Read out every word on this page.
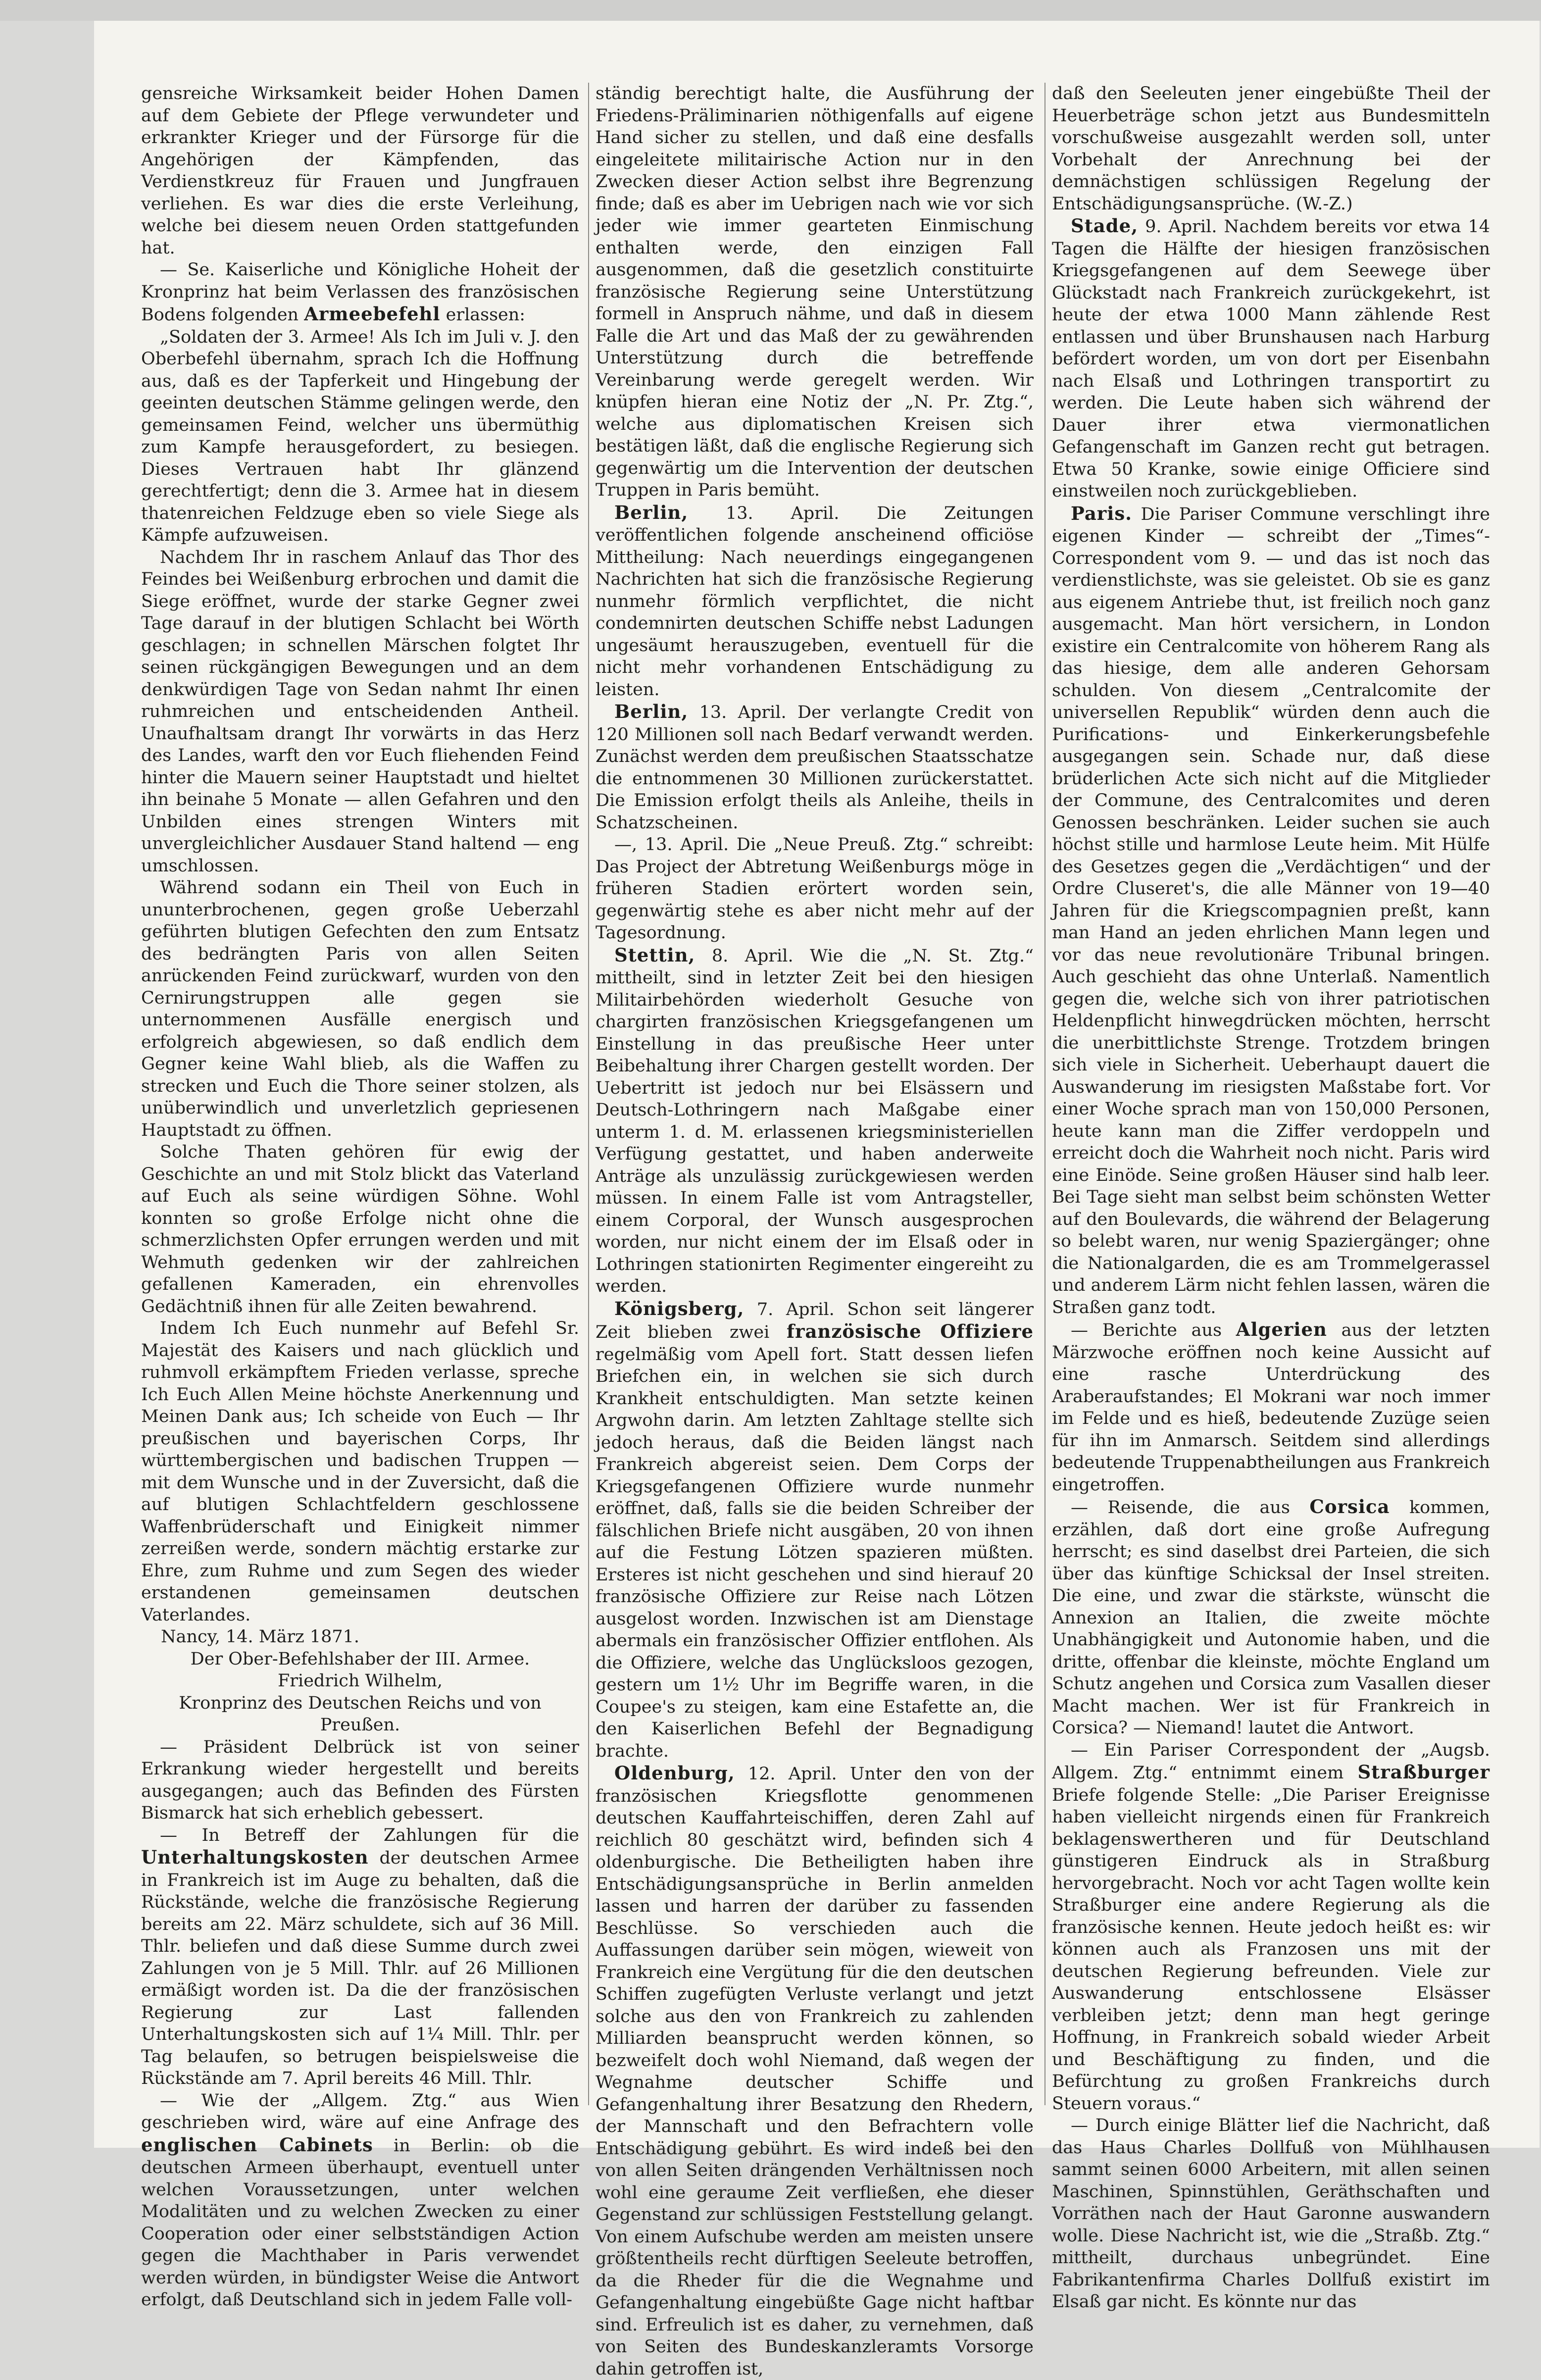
gensreiche Wirksamkeit beider Hohen Damen auf dem Gebiete der Pflege verwundeter und erkrankter Krieger und der Fürsorge für die Angehörigen der Kämpfenden, das Verdienstkreuz für Frauen und Jungfrauen verliehen. Es war dies die erste Verleihung, welche bei diesem neuen Orden stattgefunden hat.

— Se. Kaiserliche und Königliche Hoheit der Kronprinz hat beim Verlassen des französischen Bodens folgenden Armeebefehl erlassen:

„Soldaten der 3. Armee! Als Ich im Juli v. J. den Oberbefehl übernahm, sprach Ich die Hoffnung aus, daß es der Tapferkeit und Hingebung der geeinten deutschen Stämme gelingen werde, den gemeinsamen Feind, welcher uns übermüthig zum Kampfe herausgefordert, zu besiegen. Dieses Vertrauen habt Ihr glänzend gerechtfertigt; denn die 3. Armee hat in diesem thatenreichen Feldzuge eben so viele Siege als Kämpfe aufzuweisen.

Nachdem Ihr in raschem Anlauf das Thor des Feindes bei Weißenburg erbrochen und damit die Siege eröffnet, wurde der starke Gegner zwei Tage darauf in der blutigen Schlacht bei Wörth geschlagen; in schnellen Märschen folgtet Ihr seinen rückgängigen Bewegungen und an dem denkwürdigen Tage von Sedan nahmt Ihr einen ruhmreichen und entscheidenden Antheil. Unaufhaltsam drangt Ihr vorwärts in das Herz des Landes, warft den vor Euch fliehenden Feind hinter die Mauern seiner Hauptstadt und hieltet ihn beinahe 5 Monate — allen Gefahren und den Unbilden eines strengen Winters mit unvergleichlicher Ausdauer Stand haltend — eng umschlossen.

Während sodann ein Theil von Euch in ununterbrochenen, gegen große Ueberzahl geführten blutigen Gefechten den zum Entsatz des bedrängten Paris von allen Seiten anrückenden Feind zurückwarf, wurden von den Cernirungstruppen alle gegen sie unternommenen Ausfälle energisch und erfolgreich abgewiesen, so daß endlich dem Gegner keine Wahl blieb, als die Waffen zu strecken und Euch die Thore seiner stolzen, als unüberwindlich und unverletzlich gepriesenen Hauptstadt zu öffnen.

Solche Thaten gehören für ewig der Geschichte an und mit Stolz blickt das Vaterland auf Euch als seine würdigen Söhne. Wohl konnten so große Erfolge nicht ohne die schmerzlichsten Opfer errungen werden und mit Wehmuth gedenken wir der zahlreichen gefallenen Kameraden, ein ehrenvolles Gedächtniß ihnen für alle Zeiten bewahrend.

Indem Ich Euch nunmehr auf Befehl Sr. Majestät des Kaisers und nach glücklich und ruhmvoll erkämpftem Frieden verlasse, spreche Ich Euch Allen Meine höchste Anerkennung und Meinen Dank aus; Ich scheide von Euch — Ihr preußischen und bayerischen Corps, Ihr württembergischen und badischen Truppen — mit dem Wunsche und in der Zuversicht, daß die auf blutigen Schlachtfeldern geschlossene Waffenbrüderschaft und Einigkeit nimmer zerreißen werde, sondern mächtig erstarke zur Ehre, zum Ruhme und zum Segen des wieder erstandenen gemeinsamen deutschen Vaterlandes.

Nancy, 14. März 1871.

Der Ober-Befehlshaber der III. Armee.

Friedrich Wilhelm,

Kronprinz des Deutschen Reichs und von Preußen.

— Präsident Delbrück ist von seiner Erkrankung wieder hergestellt und bereits ausgegangen; auch das Befinden des Fürsten Bismarck hat sich erheblich gebessert.

— In Betreff der Zahlungen für die Unterhaltungskosten der deutschen Armee in Frankreich ist im Auge zu behalten, daß die Rückstände, welche die französische Regierung bereits am 22. März schuldete, sich auf 36 Mill. Thlr. beliefen und daß diese Summe durch zwei Zahlungen von je 5 Mill. Thlr. auf 26 Millionen ermäßigt worden ist. Da die der französischen Regierung zur Last fallenden Unterhaltungskosten sich auf 1¼ Mill. Thlr. per Tag belaufen, so betrugen beispielsweise die Rückstände am 7. April bereits 46 Mill. Thlr.

— Wie der „Allgem. Ztg.“ aus Wien geschrieben wird, wäre auf eine Anfrage des englischen Cabinets in Berlin: ob die deutschen Armeen überhaupt, eventuell unter welchen Voraussetzungen, unter welchen Modalitäten und zu welchen Zwecken zu einer Cooperation oder einer selbstständigen Action gegen die Machthaber in Paris verwendet werden würden, in bündigster Weise die Antwort erfolgt, daß Deutschland sich in jedem Falle voll-

ständig berechtigt halte, die Ausführung der Friedens-Präliminarien nöthigenfalls auf eigene Hand sicher zu stellen, und daß eine desfalls eingeleitete militairische Action nur in den Zwecken dieser Action selbst ihre Begrenzung finde; daß es aber im Uebrigen nach wie vor sich jeder wie immer gearteten Einmischung enthalten werde, den einzigen Fall ausgenommen, daß die gesetzlich constituirte französische Regierung seine Unterstützung formell in Anspruch nähme, und daß in diesem Falle die Art und das Maß der zu gewährenden Unterstützung durch die betreffende Vereinbarung werde geregelt werden. Wir knüpfen hieran eine Notiz der „N. Pr. Ztg.“, welche aus diplomatischen Kreisen sich bestätigen läßt, daß die englische Regierung sich gegenwärtig um die Intervention der deutschen Truppen in Paris bemüht.

Berlin, 13. April. Die Zeitungen veröffentlichen folgende anscheinend officiöse Mittheilung: Nach neuerdings eingegangenen Nachrichten hat sich die französische Regierung nunmehr förmlich verpflichtet, die nicht condemnirten deutschen Schiffe nebst Ladungen ungesäumt herauszugeben, eventuell für die nicht mehr vorhandenen Entschädigung zu leisten.

Berlin, 13. April. Der verlangte Credit von 120 Millionen soll nach Bedarf verwandt werden. Zunächst werden dem preußischen Staatsschatze die entnommenen 30 Millionen zurückerstattet. Die Emission erfolgt theils als Anleihe, theils in Schatzscheinen.

—, 13. April. Die „Neue Preuß. Ztg.“ schreibt: Das Project der Abtretung Weißenburgs möge in früheren Stadien erörtert worden sein, gegenwärtig stehe es aber nicht mehr auf der Tagesordnung.

Stettin, 8. April. Wie die „N. St. Ztg.“ mittheilt, sind in letzter Zeit bei den hiesigen Militairbehörden wiederholt Gesuche von chargirten französischen Kriegsgefangenen um Einstellung in das preußische Heer unter Beibehaltung ihrer Chargen gestellt worden. Der Uebertritt ist jedoch nur bei Elsässern und Deutsch-Lothringern nach Maßgabe einer unterm 1. d. M. erlassenen kriegsministeriellen Verfügung gestattet, und haben anderweite Anträge als unzulässig zurückgewiesen werden müssen. In einem Falle ist vom Antragsteller, einem Corporal, der Wunsch ausgesprochen worden, nur nicht einem der im Elsaß oder in Lothringen stationirten Regimenter eingereiht zu werden.

Königsberg, 7. April. Schon seit längerer Zeit blieben zwei französische Offiziere regelmäßig vom Apell fort. Statt dessen liefen Briefchen ein, in welchen sie sich durch Krankheit entschuldigten. Man setzte keinen Argwohn darin. Am letzten Zahltage stellte sich jedoch heraus, daß die Beiden längst nach Frankreich abgereist seien. Dem Corps der Kriegsgefangenen Offiziere wurde nunmehr eröffnet, daß, falls sie die beiden Schreiber der fälschlichen Briefe nicht ausgäben, 20 von ihnen auf die Festung Lötzen spazieren müßten. Ersteres ist nicht geschehen und sind hierauf 20 französische Offiziere zur Reise nach Lötzen ausgelost worden. Inzwischen ist am Dienstage abermals ein französischer Offizier entflohen. Als die Offiziere, welche das Unglücksloos gezogen, gestern um 1½ Uhr im Begriffe waren, in die Coupee's zu steigen, kam eine Estafette an, die den Kaiserlichen Befehl der Begnadigung brachte.

Oldenburg, 12. April. Unter den von der französischen Kriegsflotte genommenen deutschen Kauffahrteischiffen, deren Zahl auf reichlich 80 geschätzt wird, befinden sich 4 oldenburgische. Die Betheiligten haben ihre Entschädigungsansprüche in Berlin anmelden lassen und harren der darüber zu fassenden Beschlüsse. So verschieden auch die Auffassungen darüber sein mögen, wieweit von Frankreich eine Vergütung für die den deutschen Schiffen zugefügten Verluste verlangt und jetzt solche aus den von Frankreich zu zahlenden Milliarden beansprucht werden können, so bezweifelt doch wohl Niemand, daß wegen der Wegnahme deutscher Schiffe und Gefangenhaltung ihrer Besatzung den Rhedern, der Mannschaft und den Befrachtern volle Entschädigung gebührt. Es wird indeß bei den von allen Seiten drängenden Verhältnissen noch wohl eine geraume Zeit verfließen, ehe dieser Gegenstand zur schlüssigen Feststellung gelangt. Von einem Aufschube werden am meisten unsere größtentheils recht dürftigen Seeleute betroffen, da die Rheder für die die Wegnahme und Gefangenhaltung eingebüßte Gage nicht haftbar sind. Erfreulich ist es daher, zu vernehmen, daß von Seiten des Bundeskanzleramts Vorsorge dahin getroffen ist,

daß den Seeleuten jener eingebüßte Theil der Heuerbeträge schon jetzt aus Bundesmitteln vorschußweise ausgezahlt werden soll, unter Vorbehalt der Anrechnung bei der demnächstigen schlüssigen Regelung der Entschädigungsansprüche. (W.-Z.)

Stade, 9. April. Nachdem bereits vor etwa 14 Tagen die Hälfte der hiesigen französischen Kriegsgefangenen auf dem Seewege über Glückstadt nach Frankreich zurückgekehrt, ist heute der etwa 1000 Mann zählende Rest entlassen und über Brunshausen nach Harburg befördert worden, um von dort per Eisenbahn nach Elsaß und Lothringen transportirt zu werden. Die Leute haben sich während der Dauer ihrer etwa viermonatlichen Gefangenschaft im Ganzen recht gut betragen. Etwa 50 Kranke, sowie einige Officiere sind einstweilen noch zurückgeblieben.

Paris. Die Pariser Commune verschlingt ihre eigenen Kinder — schreibt der „Times“-Correspondent vom 9. — und das ist noch das verdienstlichste, was sie geleistet. Ob sie es ganz aus eigenem Antriebe thut, ist freilich noch ganz ausgemacht. Man hört versichern, in London existire ein Centralcomite von höherem Rang als das hiesige, dem alle anderen Gehorsam schulden. Von diesem „Centralcomite der universellen Republik“ würden denn auch die Purifications- und Einkerkerungsbefehle ausgegangen sein. Schade nur, daß diese brüderlichen Acte sich nicht auf die Mitglieder der Commune, des Centralcomites und deren Genossen beschränken. Leider suchen sie auch höchst stille und harmlose Leute heim. Mit Hülfe des Gesetzes gegen die „Verdächtigen“ und der Ordre Cluseret's, die alle Männer von 19—40 Jahren für die Kriegscompagnien preßt, kann man Hand an jeden ehrlichen Mann legen und vor das neue revolutionäre Tribunal bringen. Auch geschieht das ohne Unterlaß. Namentlich gegen die, welche sich von ihrer patriotischen Heldenpflicht hinwegdrücken möchten, herrscht die unerbittlichste Strenge. Trotzdem bringen sich viele in Sicherheit. Ueberhaupt dauert die Auswanderung im riesigsten Maßstabe fort. Vor einer Woche sprach man von 150,000 Personen, heute kann man die Ziffer verdoppeln und erreicht doch die Wahrheit noch nicht. Paris wird eine Einöde. Seine großen Häuser sind halb leer. Bei Tage sieht man selbst beim schönsten Wetter auf den Boulevards, die während der Belagerung so belebt waren, nur wenig Spaziergänger; ohne die Nationalgarden, die es am Trommelgerassel und anderem Lärm nicht fehlen lassen, wären die Straßen ganz todt.

— Berichte aus Algerien aus der letzten Märzwoche eröffnen noch keine Aussicht auf eine rasche Unterdrückung des Araberaufstandes; El Mokrani war noch immer im Felde und es hieß, bedeutende Zuzüge seien für ihn im Anmarsch. Seitdem sind allerdings bedeutende Truppenabtheilungen aus Frankreich eingetroffen.

— Reisende, die aus Corsica kommen, erzählen, daß dort eine große Aufregung herrscht; es sind daselbst drei Parteien, die sich über das künftige Schicksal der Insel streiten. Die eine, und zwar die stärkste, wünscht die Annexion an Italien, die zweite möchte Unabhängigkeit und Autonomie haben, und die dritte, offenbar die kleinste, möchte England um Schutz angehen und Corsica zum Vasallen dieser Macht machen. Wer ist für Frankreich in Corsica? — Niemand! lautet die Antwort.

— Ein Pariser Correspondent der „Augsb. Allgem. Ztg.“ entnimmt einem Straßburger Briefe folgende Stelle: „Die Pariser Ereignisse haben vielleicht nirgends einen für Frankreich beklagenswertheren und für Deutschland günstigeren Eindruck als in Straßburg hervorgebracht. Noch vor acht Tagen wollte kein Straßburger eine andere Regierung als die französische kennen. Heute jedoch heißt es: wir können auch als Franzosen uns mit der deutschen Regierung befreunden. Viele zur Auswanderung entschlossene Elsässer verbleiben jetzt; denn man hegt geringe Hoffnung, in Frankreich sobald wieder Arbeit und Beschäftigung zu finden, und die Befürchtung zu großen Frankreichs durch Steuern voraus.“

— Durch einige Blätter lief die Nachricht, daß das Haus Charles Dollfuß von Mühlhausen sammt seinen 6000 Arbeitern, mit allen seinen Maschinen, Spinnstühlen, Geräthschaften und Vorräthen nach der Haut Garonne auswandern wolle. Diese Nachricht ist, wie die „Straßb. Ztg.“ mittheilt, durchaus unbegründet. Eine Fabrikantenfirma Charles Dollfuß existirt im Elsaß gar nicht. Es könnte nur das
